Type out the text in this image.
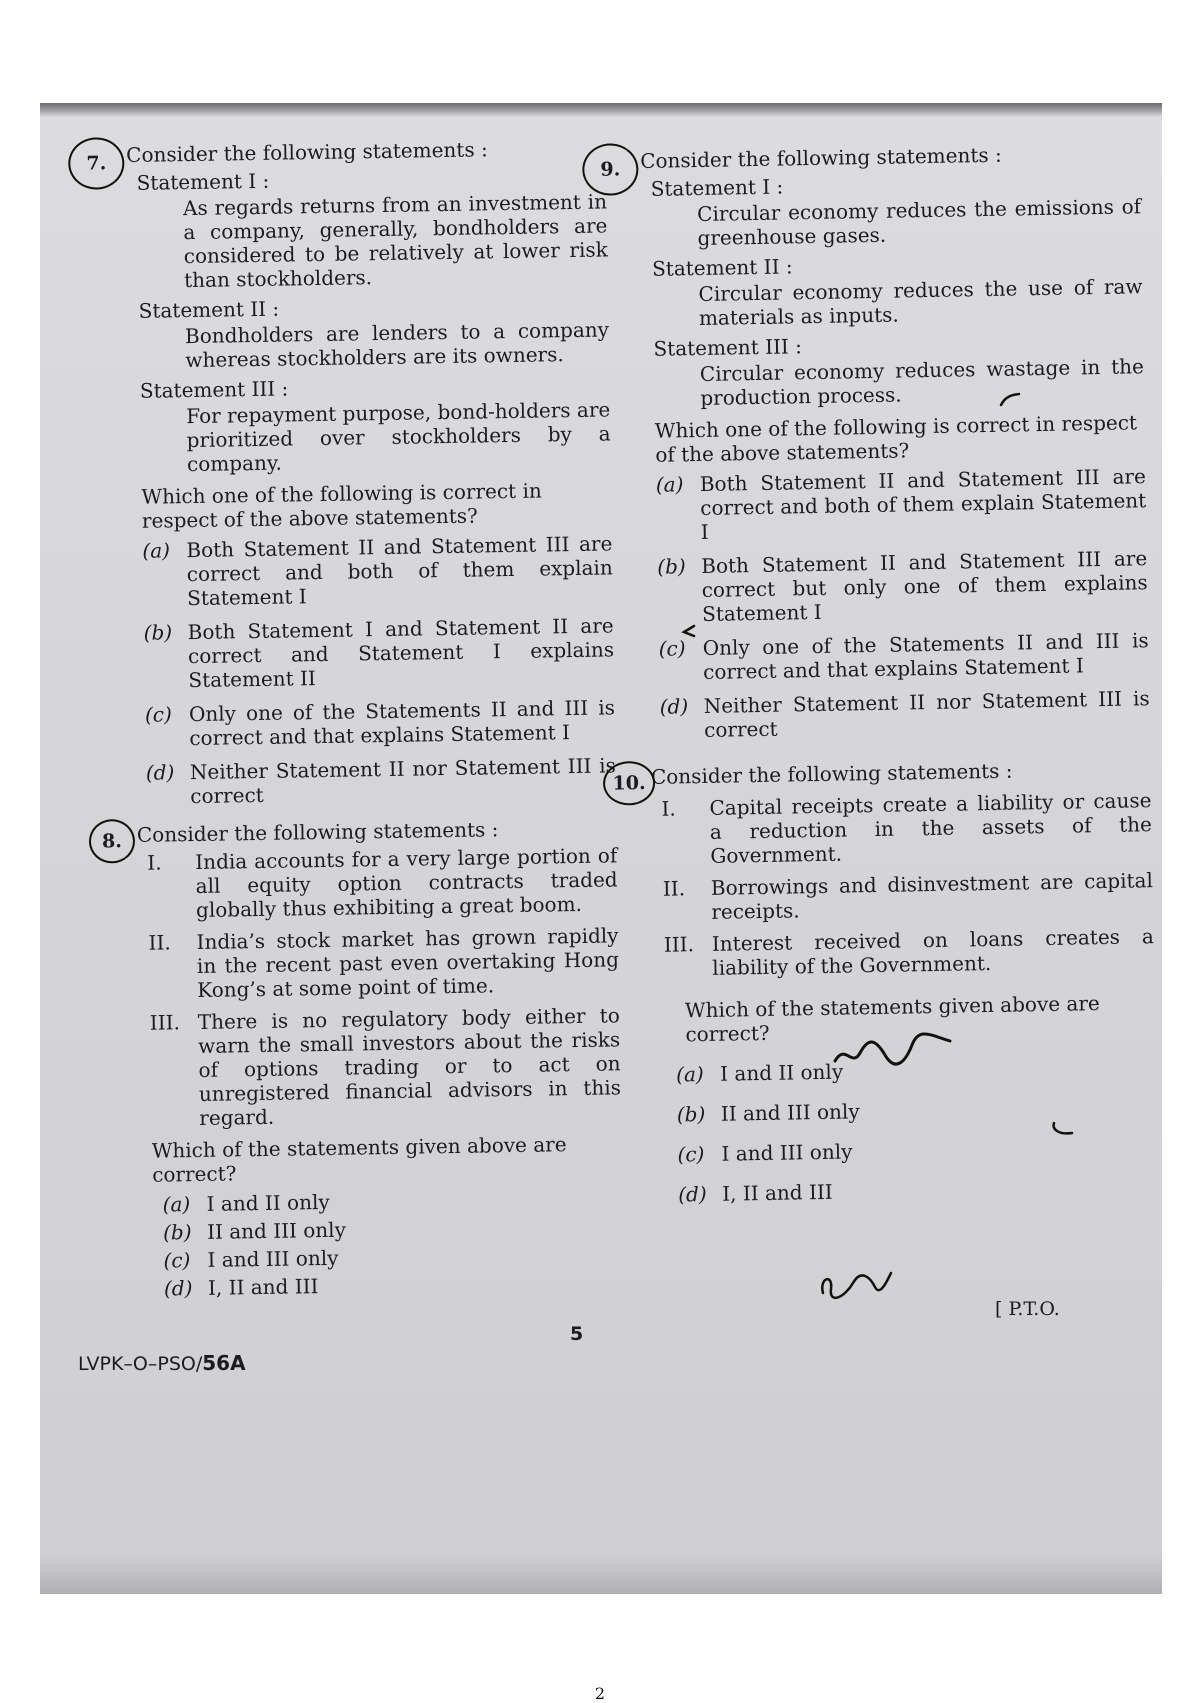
7. Consider the following statements :
Statement I :
As regards returns from an investment in a company, generally, bondholders are considered to be relatively at lower risk than stockholders.
Statement II :
Bondholders are lenders to a company whereas stockholders are its owners.
Statement III :
For repayment purpose, bond-holders are prioritized over stockholders by a company.
Which one of the following is correct in respect of the above statements?
(a) Both Statement II and Statement III are correct and both of them explain Statement I
(b) Both Statement I and Statement II are correct and Statement I explains Statement II
(c) Only one of the Statements II and III is correct and that explains Statement I
(d) Neither Statement II nor Statement III is correct
8. Consider the following statements :
I.	India accounts for a very large portion of all equity option contracts traded globally thus exhibiting a great boom.
II.	India’s stock market has grown rapidly in the recent past even overtaking Hong Kong’s at some point of time.
III. There is no regulatory body either to warn the small investors about the risks of options trading or to act on unregistered financial advisors in this regard.
Which of the statements given above are correct?
(a) I and II only
(b) II and III only
(c) I and III only
(d) I, II and III
9. Consider the following statements :
Statement I :
Circular economy reduces the emissions of greenhouse gases.
Statement II :
Circular economy reduces the use of raw materials as inputs.
Statement III :
Circular economy reduces wastage in the production process.
Which one of the following is correct in respect of the above statements?
(a) Both Statement II and Statement III are correct and both of them explain Statement I
(b) Both Statement II and Statement III are correct but only one of them explains Statement I
(c) Only one of the Statements II and III is correct and that explains Statement I
(d) Neither Statement II nor Statement III is correct
10. Consider the following statements :
I.	Capital receipts create a liability or cause a reduction in the assets of the Government.
II.	Borrowings and disinvestment are capital receipts.
III. Interest received on loans creates a liability of the Government.
Which of the statements given above are correct?
(a) I and II only
(b) II and III only
(c) I and III only
(d) I, II and III
LVPK–O–PSO/56A
5
[ P.T.O.
2
